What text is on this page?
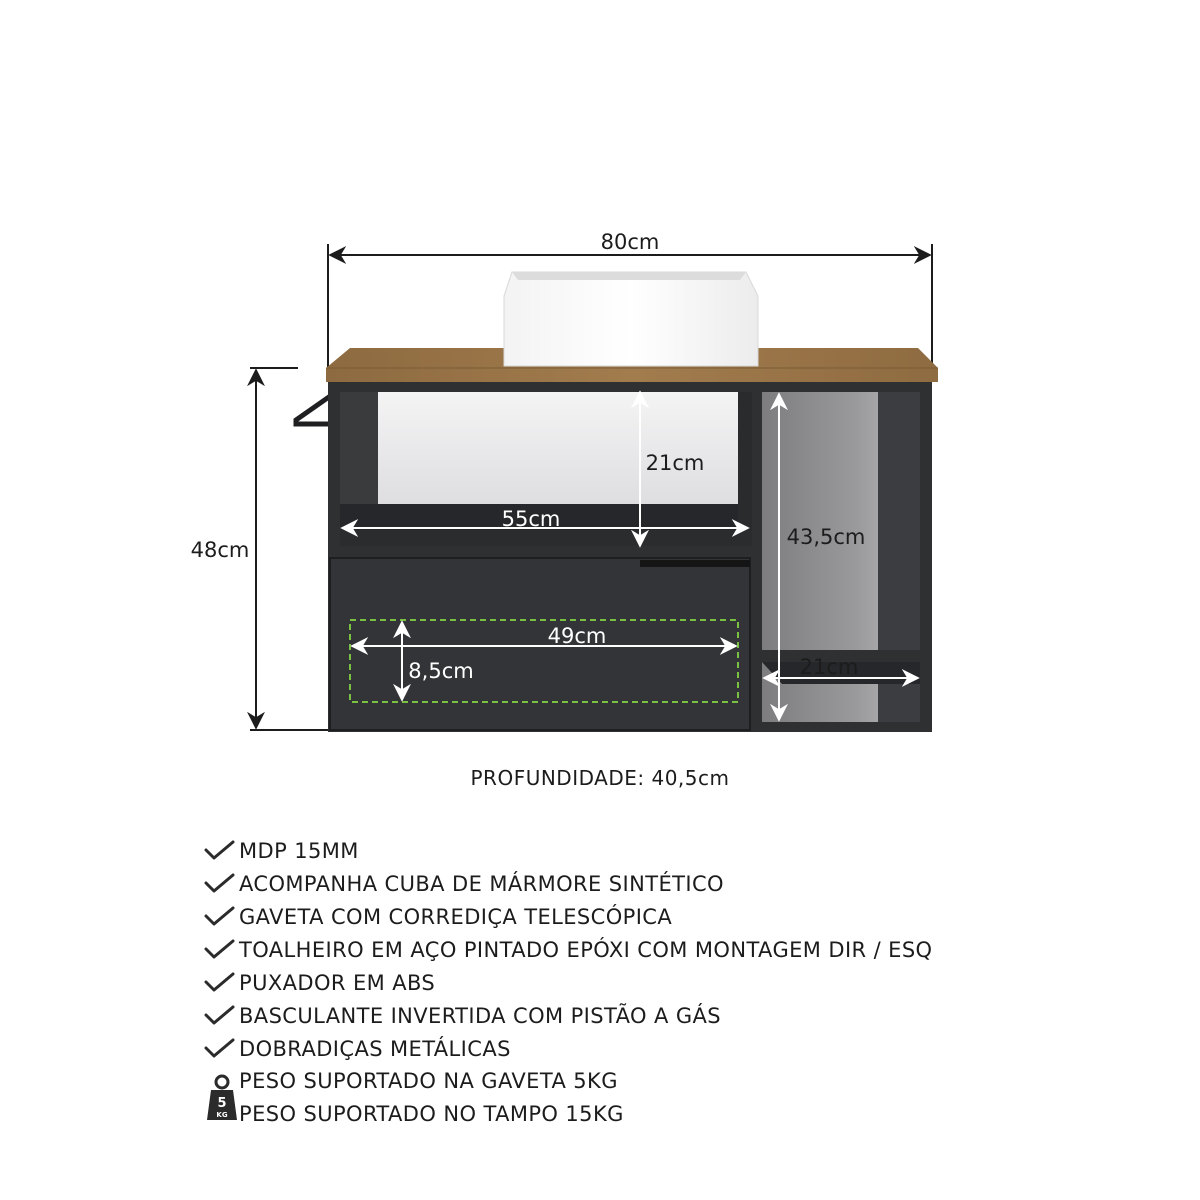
80cm
48cm
21cm
55cm
43,5cm
21cm
49cm
8,5cm
PROFUNDIDADE: 40,5cm
MDP 15MM
ACOMPANHA CUBA DE MÁRMORE SINTÉTICO
GAVETA COM CORREDIÇA TELESCÓPICA
TOALHEIRO EM AÇO PINTADO EPÓXI COM MONTAGEM DIR / ESQ
PUXADOR EM ABS
BASCULANTE INVERTIDA COM PISTÃO A GÁS
DOBRADIÇAS METÁLICAS
5
KG
PESO SUPORTADO NA GAVETA 5KG
PESO SUPORTADO NO TAMPO 15KG
